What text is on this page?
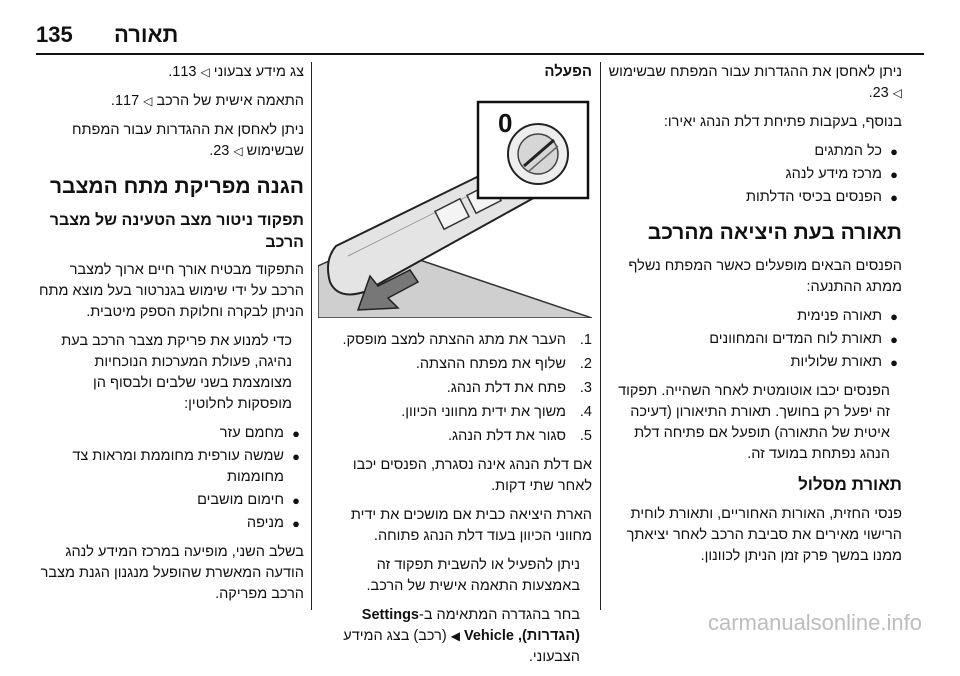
135 תאורה

ניתן לאחסן את ההגדרות עבור המפתח שבשימוש ◁ 23.

בנוסף, בעקבות פתיחת דלת הנהג יאירו:

●
כל המתגים
●
מרכז מידע לנהג
●
הפנסים בכיסי הדלתות
תאורה בעת היציאה מהרכב

הפנסים הבאים מופעלים כאשר המפתח נשלף ממתג ההתנעה:

●
תאורה פנימית
●
תאורת לוח המדים והמחוונים
●
תאורת שלוליות

הפנסים יכבו אוטומטית לאחר השהייה. תפקוד זה יפעל רק בחושך. תאורת התיאורון (דעיכה איטית של התאורה) תופעל אם פתיחה דלת הנהג נפתחת במועד זה.

תאורת מסלול

פנסי החזית, האורות האחוריים, ותאורת לוחית הרישוי מאירים את סביבת הרכב לאחר יציאתך ממנו במשך פרק זמן הניתן לכוונון.

הפעלה
0
1.
העבר את מתג ההצתה למצב מופסק.
2.
שלוף את מפתח ההצתה.
3.
פתח את דלת הנהג.
4.
משוך את ידית מחווני הכיוון.
5.
סגור את דלת הנהג.

אם דלת הנהג אינה נסגרת, הפנסים יכבו לאחר שתי דקות.

הארת היציאה כבית אם מושכים את ידית מחווני הכיוון בעוד דלת הנהג פתוחה.

ניתן להפעיל או להשבית תפקוד זה באמצעות התאמה אישית של הרכב.

בחר בהגדרה המתאימה ב-Settings
(הגדרות), Vehicle ◀ (רכב) בצג המידע
הצבעוני.

צג מידע צבעוני ◁ 113.

התאמה אישית של הרכב ◁ 117.

ניתן לאחסן את ההגדרות עבור המפתח שבשימוש ◁ 23.

הגנה מפריקת מתח המצבר
תפקוד ניטור מצב הטעינה של מצבר הרכב

התפקוד מבטיח אורך חיים ארוך למצבר הרכב על ידי שימוש בגנרטור בעל מוצא מתח הניתן לבקרה וחלוקת הספק מיטבית.

כדי למנוע את פריקת מצבר הרכב בעת נהיגה, פעולת המערכות הנוכחיות מצומצמת בשני שלבים ולבסוף הן מופסקות לחלוטין:

●
מחמם עזר
●
שמשה עורפית מחוממת ומראות צד מחוממות
●
חימום מושבים
●
מניפה

בשלב השני, מופיעה במרכז המידע לנהג הודעה המאשרת שהופעל מנגנון הגנת מצבר הרכב מפריקה.

carmanualsonline.info
